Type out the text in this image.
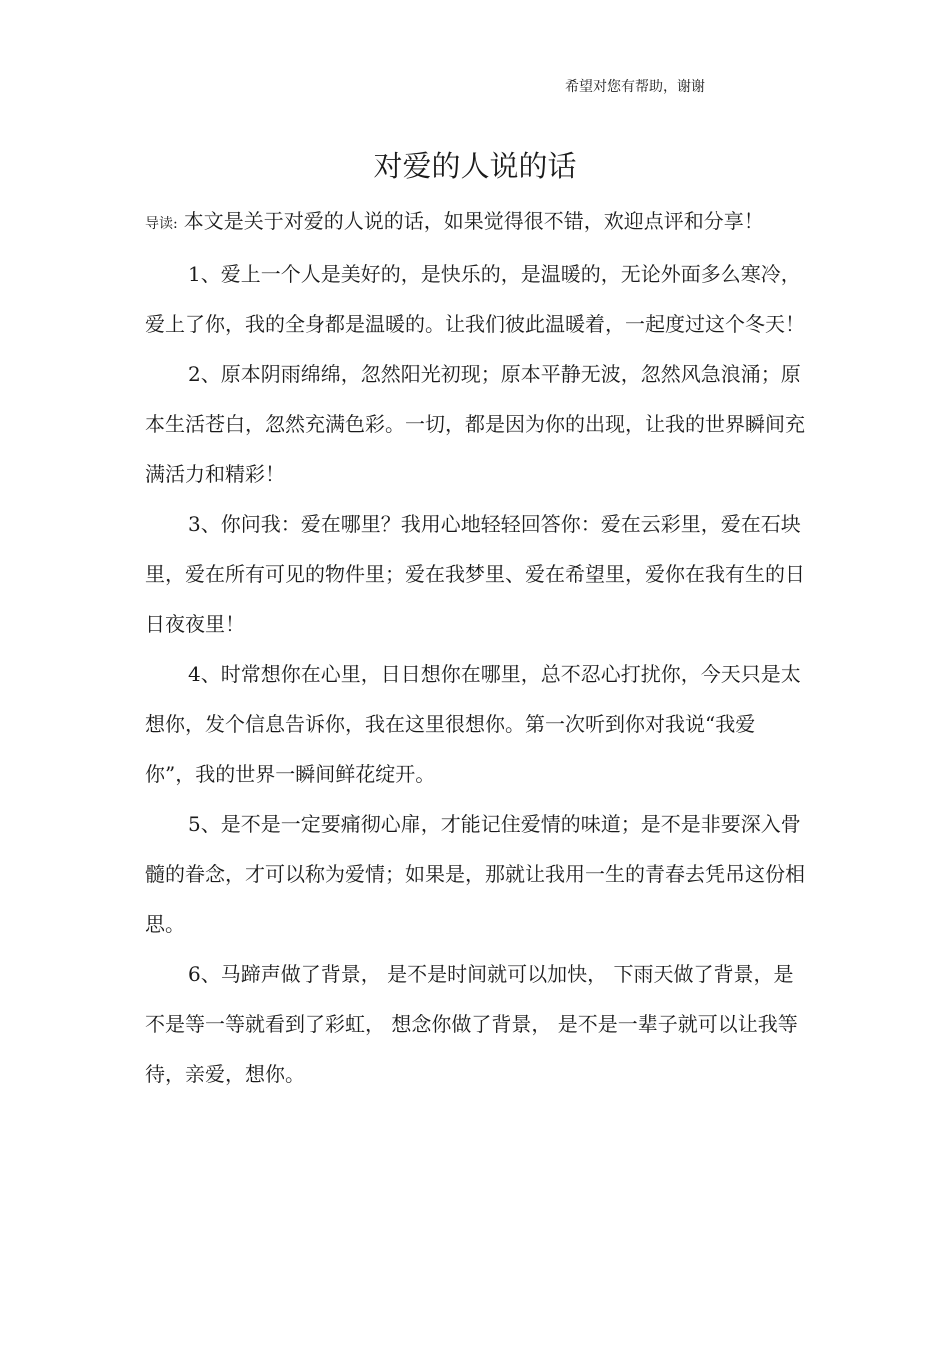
希望对您有帮助，谢谢
对爱的人说的话

导读: 本文是关于对爱的人说的话，如果觉得很不错，欢迎点评和分享！

1、爱上一个人是美好的，是快乐的，是温暖的，无论外面多么寒冷，爱上了你，我的全身都是温暖的。让我们彼此温暖着，一起度过这个冬天！

2、原本阴雨绵绵，忽然阳光初现；原本平静无波，忽然风急浪涌；原本生活苍白，忽然充满色彩。一切，都是因为你的出现，让我的世界瞬间充满活力和精彩！

3、你问我：爱在哪里？我用心地轻轻回答你：爱在云彩里，爱在石块里，爱在所有可见的物件里；爱在我梦里、爱在希望里，爱你在我有生的日日夜夜里！

4、时常想你在心里，日日想你在哪里，总不忍心打扰你，今天只是太想你，发个信息告诉你，我在这里很想你。第一次听到你对我说“我爱你”，我的世界一瞬间鲜花绽开。

5、是不是一定要痛彻心扉，才能记住爱情的味道；是不是非要深入骨髓的眷念，才可以称为爱情；如果是，那就让我用一生的青春去凭吊这份相思。

6、马蹄声做了背景， 是不是时间就可以加快， 下雨天做了背景，是不是等一等就看到了彩虹， 想念你做了背景， 是不是一辈子就可以让我等待，亲爱，想你。
